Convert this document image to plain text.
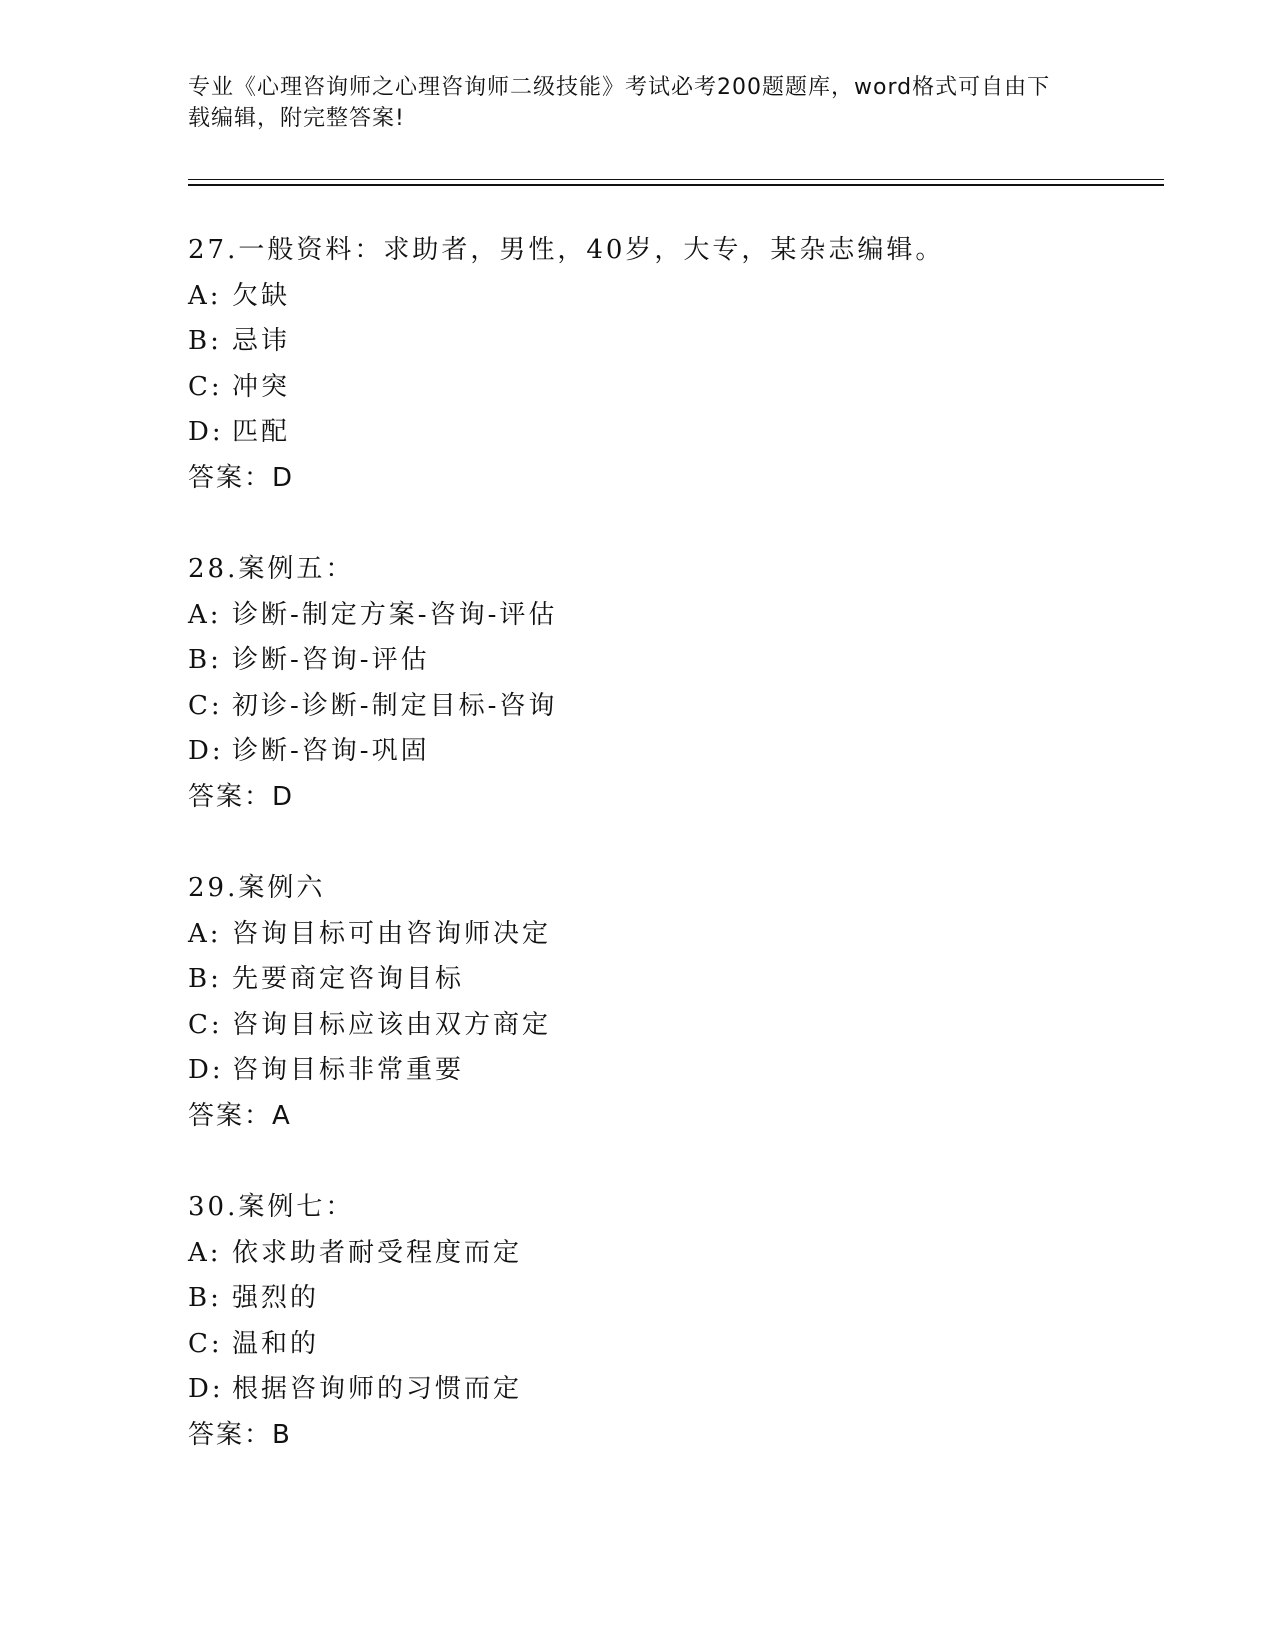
专业《心理咨询师之心理咨询师二级技能》考试必考200题题库，word格式可自由下载编辑，附完整答案!
27.一般资料：求助者，男性，40岁，大专，某杂志编辑。
A: 欠缺
B: 忌讳
C: 冲突
D: 匹配
答案：D
28.案例五：
A: 诊断-制定方案-咨询-评估
B: 诊断-咨询-评估
C: 初诊-诊断-制定目标-咨询
D: 诊断-咨询-巩固
答案：D
29.案例六
A: 咨询目标可由咨询师决定
B: 先要商定咨询目标
C: 咨询目标应该由双方商定
D: 咨询目标非常重要
答案：A
30.案例七：
A: 依求助者耐受程度而定
B: 强烈的
C: 温和的
D: 根据咨询师的习惯而定
答案：B
